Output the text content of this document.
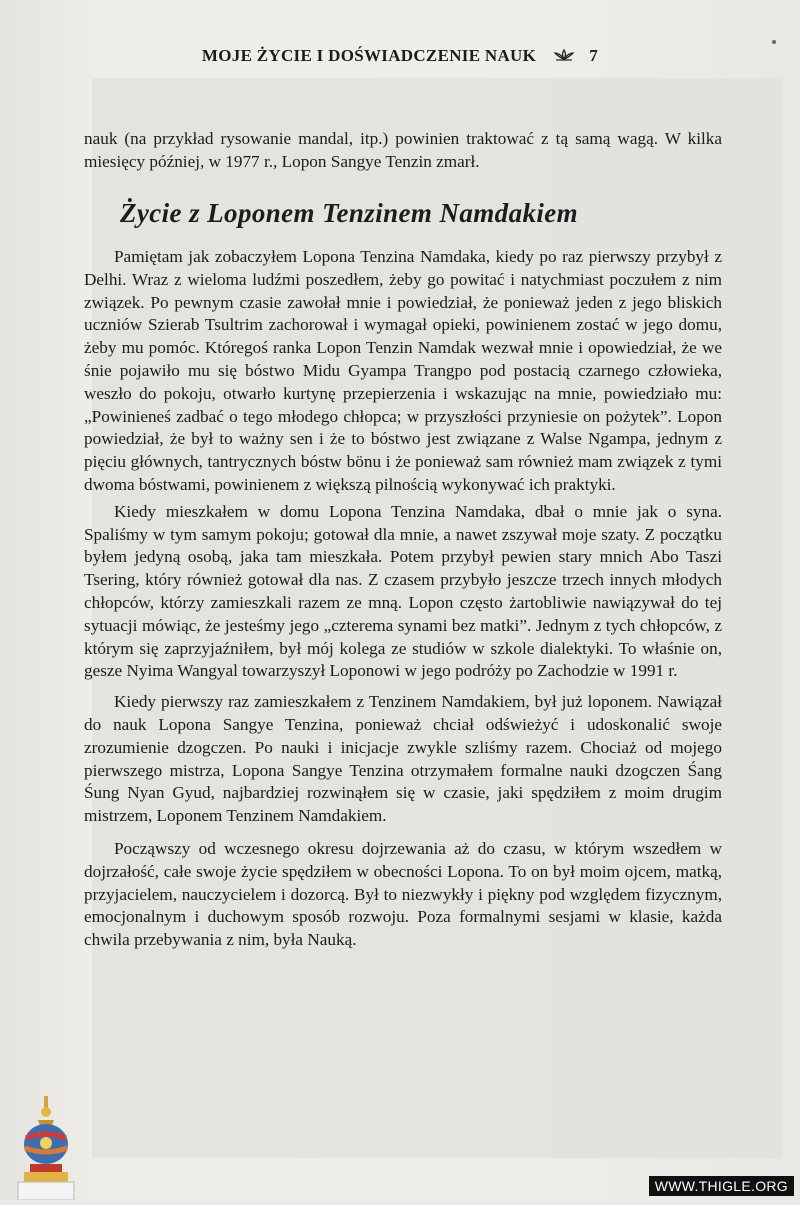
MOJE ŻYCIE I DOŚWIADCZENIE NAUK	7

nauk (na przykład rysowanie mandal, itp.) powinien traktować z tą samą wagą. W kilka miesięcy później, w 1977 r., Lopon Sangye Tenzin zmarł.

Życie z Loponem Tenzinem Namdakiem

Pamiętam jak zobaczyłem Lopona Tenzina Namdaka, kiedy po raz pierwszy przybył z Delhi. Wraz z wieloma ludźmi poszedłem, żeby go powitać i natychmiast poczułem z nim związek. Po pewnym czasie zawołał mnie i powiedział, że ponieważ jeden z jego bliskich uczniów Szierab Tsultrim zachorował i wymagał opieki, powinienem zostać w jego domu, żeby mu pomóc. Któregoś ranka Lopon Tenzin Namdak wezwał mnie i opowiedział, że we śnie pojawiło mu się bóstwo Midu Gyampa Trangpo pod postacią czarnego człowieka, weszło do pokoju, otwarło kurtynę przepierzenia i wskazując na mnie, powiedziało mu: „Powinieneś zadbać o tego młodego chłopca; w przyszłości przyniesie on pożytek”. Lopon powiedział, że był to ważny sen i że to bóstwo jest związane z Walse Ngampa, jednym z pięciu głównych, tantrycznych bóstw bönu i że ponieważ sam również mam związek z tymi dwoma bóstwami, powinienem z większą pilnością wykonywać ich praktyki.

Kiedy mieszkałem w domu Lopona Tenzina Namdaka, dbał o mnie jak o syna. Spaliśmy w tym samym pokoju; gotował dla mnie, a nawet zszywał moje szaty. Z początku byłem jedyną osobą, jaka tam mieszkała. Potem przybył pewien stary mnich Abo Taszi Tsering, który również gotował dla nas. Z czasem przybyło jeszcze trzech innych młodych chłopców, którzy zamieszkali razem ze mną. Lopon często żartobliwie nawiązywał do tej sytuacji mówiąc, że jesteśmy jego „czterema synami bez matki”. Jednym z tych chłopców, z którym się zaprzyjaźniłem, był mój kolega ze studiów w szkole dialektyki. To właśnie on, gesze Nyima Wangyal towarzyszył Loponowi w jego podróży po Zachodzie w 1991 r.

Kiedy pierwszy raz zamieszkałem z Tenzinem Namdakiem, był już loponem. Nawiązał do nauk Lopona Sangye Tenzina, ponieważ chciał odświeżyć i udoskonalić swoje zrozumienie dzogczen. Po nauki i inicjacje zwykle szliśmy razem. Chociaż od mojego pierwszego mistrza, Lopona Sangye Tenzina otrzymałem formalne nauki dzogczen Śang Śung Nyan Gyud, najbardziej rozwinąłem się w czasie, jaki spędziłem z moim drugim mistrzem, Loponem Tenzinem Namdakiem.

Począwszy od wczesnego okresu dojrzewania aż do czasu, w którym wszedłem w dojrzałość, całe swoje życie spędziłem w obecności Lopona. To on był moim ojcem, matką, przyjacielem, nauczycielem i dozorcą. Był to niezwykły i piękny pod względem fizycznym, emocjonalnym i duchowym sposób rozwoju. Poza formalnymi sesjami w klasie, każda chwila przebywania z nim, była Nauką.

WWW.THIGLE.ORG
